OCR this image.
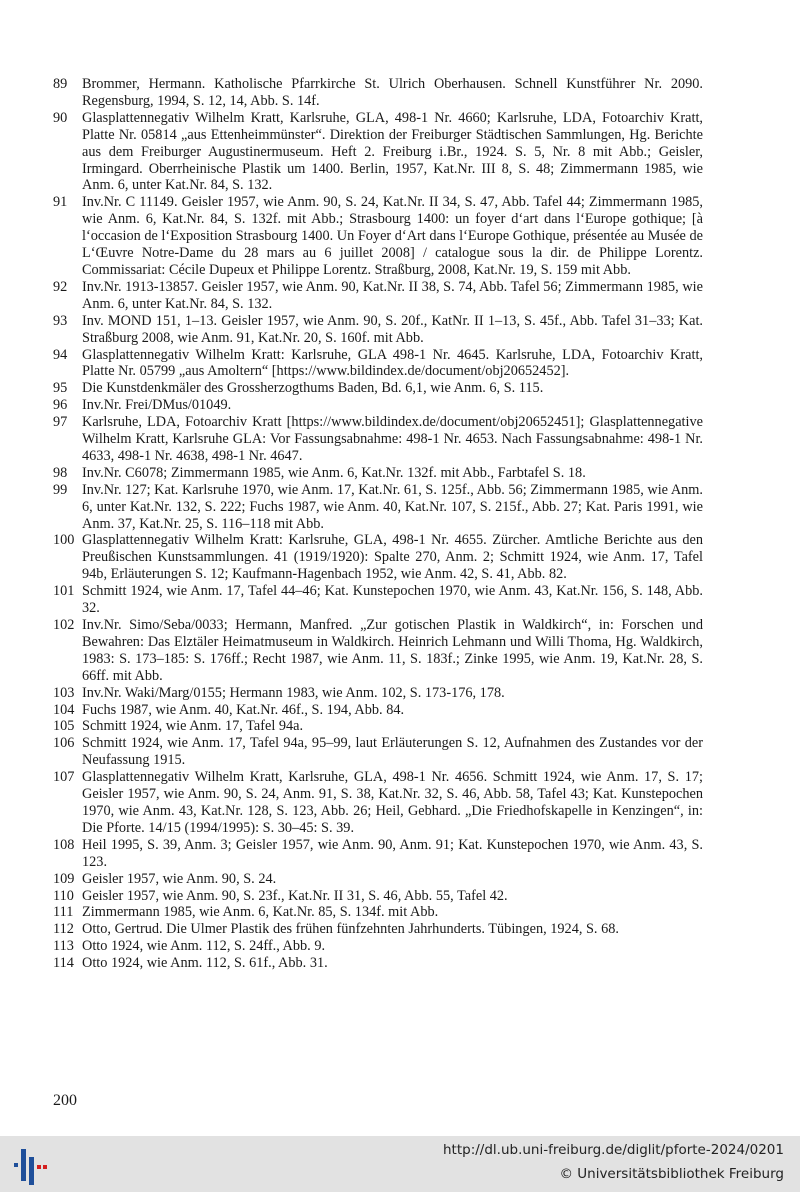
89 Brommer, Hermann. Katholische Pfarrkirche St. Ulrich Oberhausen. Schnell Kunstführer Nr. 2090. Regensburg, 1994, S. 12, 14, Abb. S. 14f.
90 Glasplattennegativ Wilhelm Kratt, Karlsruhe, GLA, 498-1 Nr. 4660; Karlsruhe, LDA, Fotoarchiv Kratt, Platte Nr. 05814 „aus Ettenheimmünster“. Direktion der Freiburger Städtischen Sammlungen, Hg. Berichte aus dem Freiburger Augustinermuseum. Heft 2. Freiburg i.Br., 1924. S. 5, Nr. 8 mit Abb.; Geisler, Irmingard. Oberrheinische Plastik um 1400. Berlin, 1957, Kat.Nr. III 8, S. 48; Zimmermann 1985, wie Anm. 6, unter Kat.Nr. 84, S. 132.
91 Inv.Nr. C 11149. Geisler 1957, wie Anm. 90, S. 24, Kat.Nr. II 34, S. 47, Abb. Tafel 44; Zimmermann 1985, wie Anm. 6, Kat.Nr. 84, S. 132f. mit Abb.; Strasbourg 1400: un foyer d‘art dans l‘Europe gothique; [à l‘occasion de l‘Exposition Strasbourg 1400. Un Foyer d‘Art dans l‘Europe Gothique, présentée au Musée de L‘Œuvre Notre-Dame du 28 mars au 6 juillet 2008] / catalogue sous la dir. de Philippe Lorentz. Commissariat: Cécile Dupeux et Philippe Lorentz. Straßburg, 2008, Kat.Nr. 19, S. 159 mit Abb.
92 Inv.Nr. 1913-13857. Geisler 1957, wie Anm. 90, Kat.Nr. II 38, S. 74, Abb. Tafel 56; Zimmermann 1985, wie Anm. 6, unter Kat.Nr. 84, S. 132.
93 Inv. MOND 151, 1–13. Geisler 1957, wie Anm. 90, S. 20f., KatNr. II 1–13, S. 45f., Abb. Tafel 31–33; Kat. Straßburg 2008, wie Anm. 91, Kat.Nr. 20, S. 160f. mit Abb.
94 Glasplattennegativ Wilhelm Kratt: Karlsruhe, GLA 498-1 Nr. 4645. Karlsruhe, LDA, Fotoarchiv Kratt, Platte Nr. 05799 „aus Amoltern“ [https://www.bildindex.de/document/obj20652452].
95 Die Kunstdenkmäler des Grossherzogthums Baden, Bd. 6,1, wie Anm. 6, S. 115.
96 Inv.Nr. Frei/DMus/01049.
97 Karlsruhe, LDA, Fotoarchiv Kratt [https://www.bildindex.de/document/obj20652451]; Glasplattennegative Wilhelm Kratt, Karlsruhe GLA: Vor Fassungsabnahme: 498-1 Nr. 4653. Nach Fassungsabnahme: 498-1 Nr. 4633, 498-1 Nr. 4638, 498-1 Nr. 4647.
98 Inv.Nr. C6078; Zimmermann 1985, wie Anm. 6, Kat.Nr. 132f. mit Abb., Farbtafel S. 18.
99 Inv.Nr. 127; Kat. Karlsruhe 1970, wie Anm. 17, Kat.Nr. 61, S. 125f., Abb. 56; Zimmermann 1985, wie Anm. 6, unter Kat.Nr. 132, S. 222; Fuchs 1987, wie Anm. 40, Kat.Nr. 107, S. 215f., Abb. 27; Kat. Paris 1991, wie Anm. 37, Kat.Nr. 25, S. 116–118 mit Abb.
100 Glasplattennegativ Wilhelm Kratt: Karlsruhe, GLA, 498-1 Nr. 4655. Zürcher. Amtliche Berichte aus den Preußischen Kunstsammlungen. 41 (1919/1920): Spalte 270, Anm. 2; Schmitt 1924, wie Anm. 17, Tafel 94b, Erläuterungen S. 12; Kaufmann-Hagenbach 1952, wie Anm. 42, S. 41, Abb. 82.
101 Schmitt 1924, wie Anm. 17, Tafel 44–46; Kat. Kunstepochen 1970, wie Anm. 43, Kat.Nr. 156, S. 148, Abb. 32.
102 Inv.Nr. Simo/Seba/0033; Hermann, Manfred. „Zur gotischen Plastik in Waldkirch“, in: Forschen und Bewahren: Das Elztäler Heimatmuseum in Waldkirch. Heinrich Lehmann und Willi Thoma, Hg. Waldkirch, 1983: S. 173–185: S. 176ff.; Recht 1987, wie Anm. 11, S. 183f.; Zinke 1995, wie Anm. 19, Kat.Nr. 28, S. 66ff. mit Abb.
103 Inv.Nr. Waki/Marg/0155; Hermann 1983, wie Anm. 102, S. 173-176, 178.
104 Fuchs 1987, wie Anm. 40, Kat.Nr. 46f., S. 194, Abb. 84.
105 Schmitt 1924, wie Anm. 17, Tafel 94a.
106 Schmitt 1924, wie Anm. 17, Tafel 94a, 95–99, laut Erläuterungen S. 12, Aufnahmen des Zustandes vor der Neufassung 1915.
107 Glasplattennegativ Wilhelm Kratt, Karlsruhe, GLA, 498-1 Nr. 4656. Schmitt 1924, wie Anm. 17, S. 17; Geisler 1957, wie Anm. 90, S. 24, Anm. 91, S. 38, Kat.Nr. 32, S. 46, Abb. 58, Tafel 43; Kat. Kunstepochen 1970, wie Anm. 43, Kat.Nr. 128, S. 123, Abb. 26; Heil, Gebhard. „Die Friedhofskapelle in Kenzingen“, in: Die Pforte. 14/15 (1994/1995): S. 30–45: S. 39.
108 Heil 1995, S. 39, Anm. 3; Geisler 1957, wie Anm. 90, Anm. 91; Kat. Kunstepochen 1970, wie Anm. 43, S. 123.
109 Geisler 1957, wie Anm. 90, S. 24.
110 Geisler 1957, wie Anm. 90, S. 23f., Kat.Nr. II 31, S. 46, Abb. 55, Tafel 42.
111 Zimmermann 1985, wie Anm. 6, Kat.Nr. 85, S. 134f. mit Abb.
112 Otto, Gertrud. Die Ulmer Plastik des frühen fünfzehnten Jahrhunderts. Tübingen, 1924, S. 68.
113 Otto 1924, wie Anm. 112, S. 24ff., Abb. 9.
114 Otto 1924, wie Anm. 112, S. 61f., Abb. 31.
200
http://dl.ub.uni-freiburg.de/diglit/pforte-2024/0201
© Universitätsbibliothek Freiburg
